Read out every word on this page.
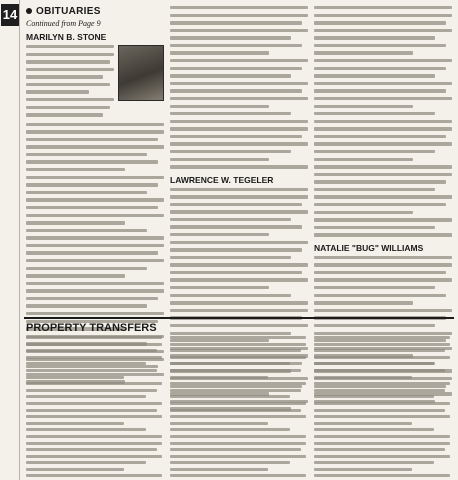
14	OBITUARIES
Continued from Page 9
MARILYN B. STONE
LAWRENCE W. TEGELER
NATALIE "BUG" WILLIAMS
PROPERTY TRANSFERS
